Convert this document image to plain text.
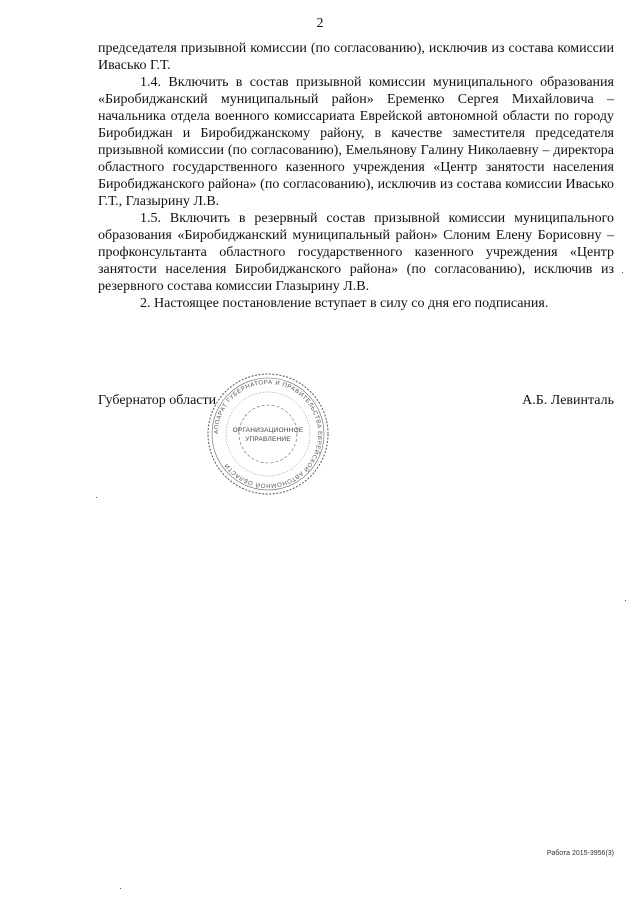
2

председателя призывной комиссии (по согласованию), исключив из состава комиссии Ивасько Г.Т.

1.4. Включить в состав призывной комиссии муниципального образования «Биробиджанский муниципальный район» Еременко Сергея Михайловича – начальника отдела военного комиссариата Еврейской автономной области по городу Биробиджан и Биробиджанскому району, в качестве заместителя председателя призывной комиссии (по согласованию), Емельянову Галину Николаевну – директора областного государственного казенного учреждения «Центр занятости населения Биробиджанского района» (по согласованию), исключив из состава комиссии Ивасько Г.Т., Глазырину Л.В.

1.5. Включить в резервный состав призывной комиссии муниципального образования «Биробиджанский муниципальный район» Слоним Елену Борисовну – профконсультанта областного государственного казенного учреждения «Центр занятости населения Биробиджанского района» (по согласованию), исключив из резервного состава комиссии Глазырину Л.В.

2. Настоящее постановление вступает в силу со дня его подписания.

АППАРАТ ГУБЕРНАТОРА И ПРАВИТЕЛЬСТВА ЕВРЕЙСКОЙ АВТОНОМНОЙ ОБЛАСТИ
ОРГАНИЗАЦИОННОЕ
УПРАВЛЕНИЕ
Губернатор области	А.Б. Левинталь
Работа 2015-3956(3)
